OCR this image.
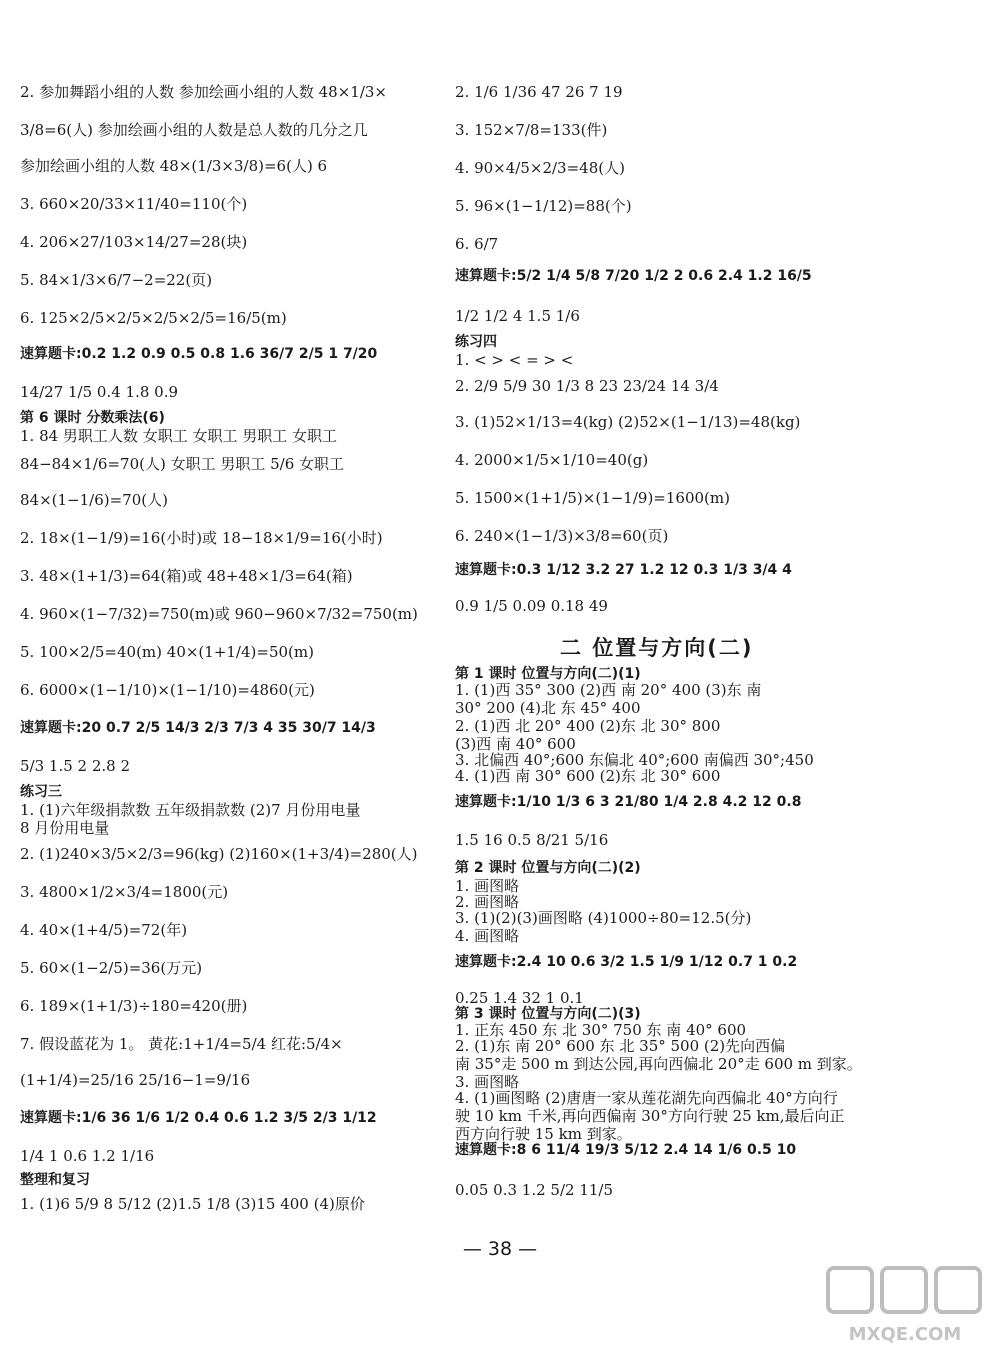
2. 参加舞蹈小组的人数 参加绘画小组的人数 48×1/3×
3/8=6(人) 参加绘画小组的人数是总人数的几分之几
参加绘画小组的人数 48×(1/3×3/8)=6(人) 6
3. 660×20/33×11/40=110(个)
4. 206×27/103×14/27=28(块)
5. 84×1/3×6/7−2=22(页)
6. 125×2/5×2/5×2/5×2/5=16/5(m)
速算题卡:0.2 1.2 0.9 0.5 0.8 1.6 36/7 2/5 1 7/20
14/27 1/5 0.4 1.8 0.9
第 6 课时 分数乘法(6)
1. 84 男职工人数 女职工 女职工 男职工 女职工
84−84×1/6=70(人) 女职工 男职工 5/6 女职工
84×(1−1/6)=70(人)
2. 18×(1−1/9)=16(小时)或 18−18×1/9=16(小时)
3. 48×(1+1/3)=64(箱)或 48+48×1/3=64(箱)
4. 960×(1−7/32)=750(m)或 960−960×7/32=750(m)
5. 100×2/5=40(m) 40×(1+1/4)=50(m)
6. 6000×(1−1/10)×(1−1/10)=4860(元)
速算题卡:20 0.7 2/5 14/3 2/3 7/3 4 35 30/7 14/3
5/3 1.5 2 2.8 2
练习三
1. (1)六年级捐款数 五年级捐款数 (2)7 月份用电量
8 月份用电量
2. (1)240×3/5×2/3=96(kg) (2)160×(1+3/4)=280(人)
3. 4800×1/2×3/4=1800(元)
4. 40×(1+4/5)=72(年)
5. 60×(1−2/5)=36(万元)
6. 189×(1+1/3)÷180=420(册)
7. 假设蓝花为 1。 黄花:1+1/4=5/4 红花:5/4×
(1+1/4)=25/16 25/16−1=9/16
速算题卡:1/6 36 1/6 1/2 0.4 0.6 1.2 3/5 2/3 1/12
1/4 1 0.6 1.2 1/16
整理和复习
1. (1)6 5/9 8 5/12 (2)1.5 1/8 (3)15 400 (4)原价
二 位置与方向(二)
2. 1/6 1/36 47 26 7 19
3. 152×7/8=133(件)
4. 90×4/5×2/3=48(人)
5. 96×(1−1/12)=88(个)
6. 6/7
速算题卡:5/2 1/4 5/8 7/20 1/2 2 0.6 2.4 1.2 16/5
1/2 1/2 4 1.5 1/6
练习四
1. < > < = > <
2. 2/9 5/9 30 1/3 8 23 23/24 14 3/4
3. (1)52×1/13=4(kg) (2)52×(1−1/13)=48(kg)
4. 2000×1/5×1/10=40(g)
5. 1500×(1+1/5)×(1−1/9)=1600(m)
6. 240×(1−1/3)×3/8=60(页)
速算题卡:0.3 1/12 3.2 27 1.2 12 0.3 1/3 3/4 4
0.9 1/5 0.09 0.18 49
第 1 课时 位置与方向(二)(1)
1. (1)西 35° 300 (2)西 南 20° 400 (3)东 南
30° 200 (4)北 东 45° 400
2. (1)西 北 20° 400 (2)东 北 30° 800
(3)西 南 40° 600
3. 北偏西 40°;600 东偏北 40°;600 南偏西 30°;450
4. (1)西 南 30° 600 (2)东 北 30° 600
速算题卡:1/10 1/3 6 3 21/80 1/4 2.8 4.2 12 0.8
1.5 16 0.5 8/21 5/16
第 2 课时 位置与方向(二)(2)
1. 画图略
2. 画图略
3. (1)(2)(3)画图略 (4)1000÷80=12.5(分)
4. 画图略
速算题卡:2.4 10 0.6 3/2 1.5 1/9 1/12 0.7 1 0.2
0.25 1.4 32 1 0.1
第 3 课时 位置与方向(二)(3)
1. 正东 450 东 北 30° 750 东 南 40° 600
2. (1)东 南 20° 600 东 北 35° 500 (2)先向西偏
南 35°走 500 m 到达公园,再向西偏北 20°走 600 m 到家。
3. 画图略
4. (1)画图略 (2)唐唐一家从莲花湖先向西偏北 40°方向行
驶 10 km 千米,再向西偏南 30°方向行驶 25 km,最后向正
西方向行驶 15 km 到家。
速算题卡:8 6 11/4 19/3 5/12 2.4 14 1/6 0.5 10
0.05 0.3 1.2 5/2 11/5
— 38 —
MXQE.COM
